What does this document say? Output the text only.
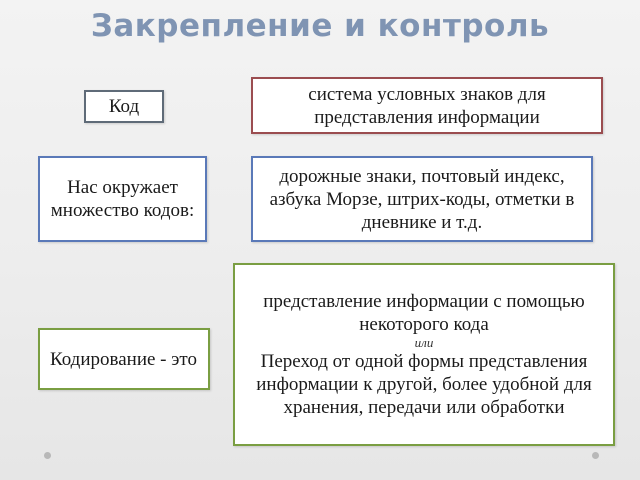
Закрепление и контроль
Код
система условных знаков для представления информации
Нас окружает множество кодов:
дорожные знаки, почтовый индекс, азбука Морзе, штрих-коды, отметки в дневнике и т.д.
Кодирование - это
представление информации с помощью некоторого кода
или
Переход от одной формы представления информации к другой, более удобной для хранения, передачи или обработки
